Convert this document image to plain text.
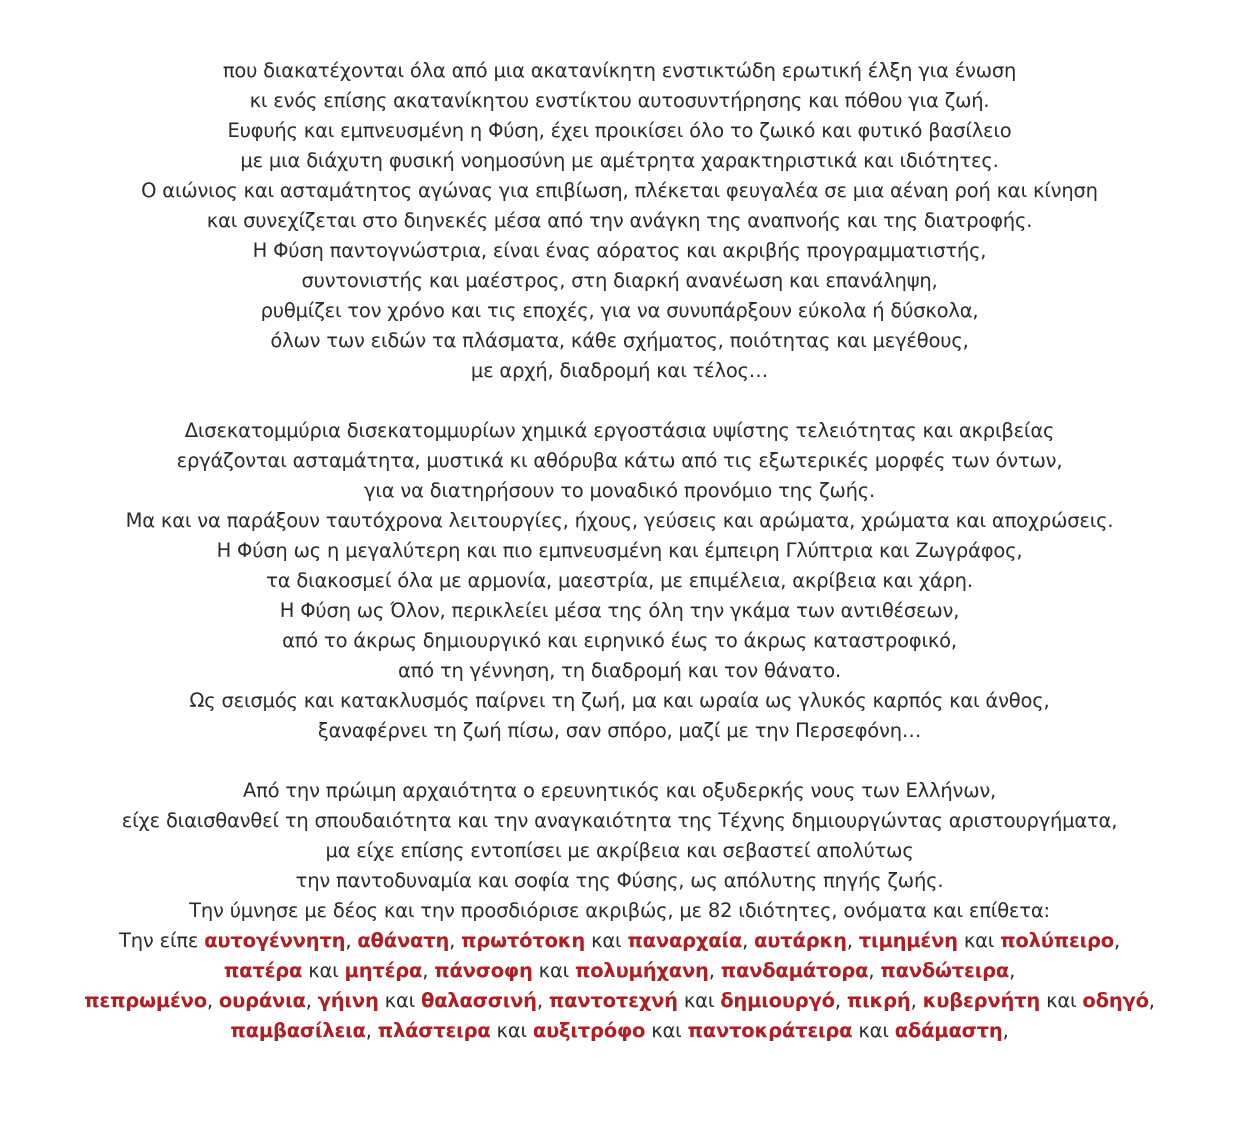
που διακατέχονται όλα από μια ακατανίκητη ενστικτώδη ερωτική έλξη για ένωση
κι ενός επίσης ακατανίκητου ενστίκτου αυτοσυντήρησης και πόθου για ζωή.
Ευφυής και εμπνευσμένη η Φύση, έχει προικίσει όλο το ζωικό και φυτικό βασίλειο
με μια διάχυτη φυσική νοημοσύνη με αμέτρητα χαρακτηριστικά και ιδιότητες.
Ο αιώνιος και ασταμάτητος αγώνας για επιβίωση, πλέκεται φευγαλέα σε μια αέναη ροή και κίνηση
και συνεχίζεται στο διηνεκές μέσα από την ανάγκη της αναπνοής και της διατροφής.
Η Φύση παντογνώστρια, είναι ένας αόρατος και ακριβής προγραμματιστής,
συντονιστής και μαέστρος, στη διαρκή ανανέωση και επανάληψη,
ρυθμίζει τον χρόνο και τις εποχές, για να συνυπάρξουν εύκολα ή δύσκολα,
όλων των ειδών τα πλάσματα, κάθε σχήματος, ποιότητας και μεγέθους,
με αρχή, διαδρομή και τέλος…
Δισεκατομμύρια δισεκατομμυρίων χημικά εργοστάσια υψίστης τελειότητας και ακριβείας
εργάζονται ασταμάτητα, μυστικά κι αθόρυβα κάτω από τις εξωτερικές μορφές των όντων,
για να διατηρήσουν το μοναδικό προνόμιο της ζωής.
Μα και να παράξουν ταυτόχρονα λειτουργίες, ήχους, γεύσεις και αρώματα, χρώματα και αποχρώσεις.
Η Φύση ως η μεγαλύτερη και πιο εμπνευσμένη και έμπειρη Γλύπτρια και Ζωγράφος,
τα διακοσμεί όλα με αρμονία, μαεστρία, με επιμέλεια, ακρίβεια και χάρη.
Η Φύση ως Όλον, περικλείει μέσα της όλη την γκάμα των αντιθέσεων,
από το άκρως δημιουργικό και ειρηνικό έως το άκρως καταστροφικό,
από τη γέννηση, τη διαδρομή και τον θάνατο.
Ως σεισμός και κατακλυσμός παίρνει τη ζωή, μα και ωραία ως γλυκός καρπός και άνθος,
ξαναφέρνει τη ζωή πίσω, σαν σπόρο, μαζί με την Περσεφόνη…
Από την πρώιμη αρχαιότητα ο ερευνητικός και οξυδερκής νους των Ελλήνων,
είχε διαισθανθεί τη σπουδαιότητα και την αναγκαιότητα της Τέχνης δημιουργώντας αριστουργήματα,
μα είχε επίσης εντοπίσει με ακρίβεια και σεβαστεί απολύτως
την παντοδυναμία και σοφία της Φύσης, ως απόλυτης πηγής ζωής.
Την ύμνησε με δέος και την προσδιόρισε ακριβώς, με 82 ιδιότητες, ονόματα και επίθετα:
Την είπε αυτογέννητη, αθάνατη, πρωτότοκη και παναρχαία, αυτάρκη, τιμημένη και πολύπειρο,
πατέρα και μητέρα, πάνσοφη και πολυμήχανη, πανδαμάτορα, πανδώτειρα,
πεπρωμένο, ουράνια, γήινη και θαλασσινή, παντοτεχνή και δημιουργό, πικρή, κυβερνήτη και οδηγό,
παμβασίλεια, πλάστειρα και αυξιτρόφο και παντοκράτειρα και αδάμαστη,
